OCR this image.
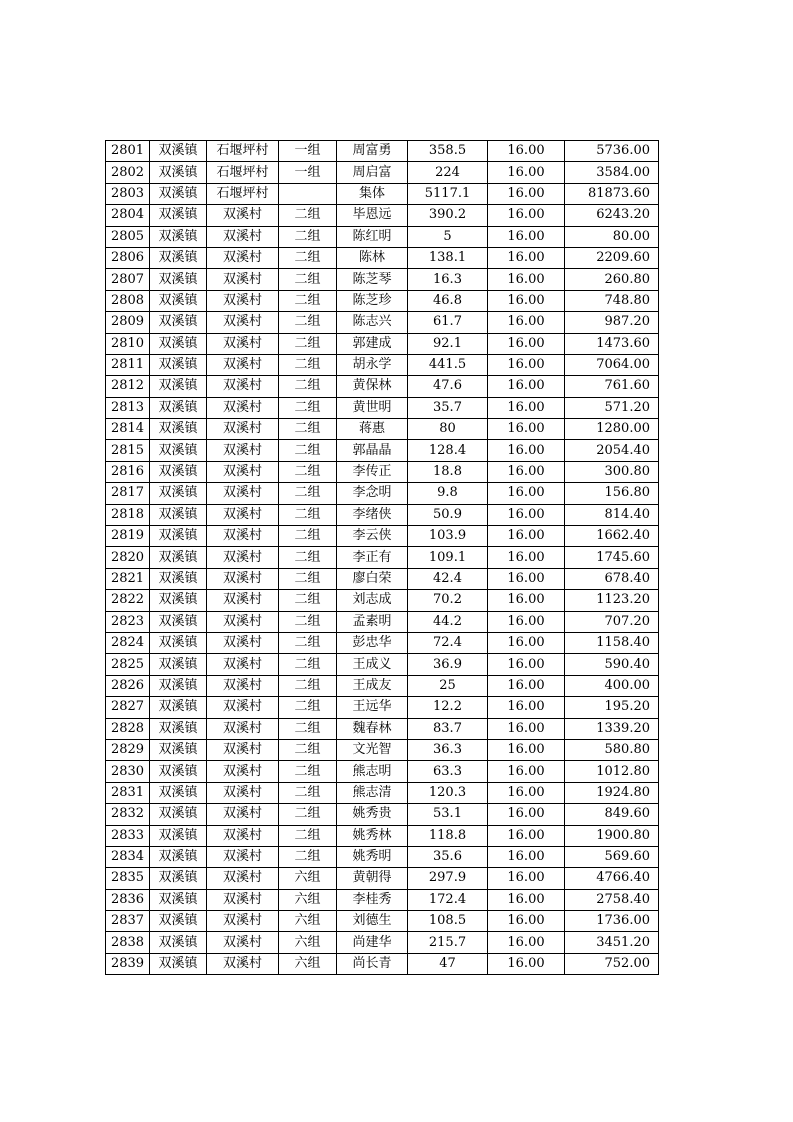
2801	双溪镇	石堰坪村	一组	周富勇	358.5	16.00	5736.00
2802	双溪镇	石堰坪村	一组	周启富	224	16.00	3584.00
2803	双溪镇	石堰坪村		集体	5117.1	16.00	81873.60
2804	双溪镇	双溪村	二组	毕恩远	390.2	16.00	6243.20
2805	双溪镇	双溪村	二组	陈红明	5	16.00	80.00
2806	双溪镇	双溪村	二组	陈林	138.1	16.00	2209.60
2807	双溪镇	双溪村	二组	陈芝琴	16.3	16.00	260.80
2808	双溪镇	双溪村	二组	陈芝珍	46.8	16.00	748.80
2809	双溪镇	双溪村	二组	陈志兴	61.7	16.00	987.20
2810	双溪镇	双溪村	二组	郭建成	92.1	16.00	1473.60
2811	双溪镇	双溪村	二组	胡永学	441.5	16.00	7064.00
2812	双溪镇	双溪村	二组	黄保林	47.6	16.00	761.60
2813	双溪镇	双溪村	二组	黄世明	35.7	16.00	571.20
2814	双溪镇	双溪村	二组	蒋惠	80	16.00	1280.00
2815	双溪镇	双溪村	二组	郭晶晶	128.4	16.00	2054.40
2816	双溪镇	双溪村	二组	李传正	18.8	16.00	300.80
2817	双溪镇	双溪村	二组	李念明	9.8	16.00	156.80
2818	双溪镇	双溪村	二组	李绪侠	50.9	16.00	814.40
2819	双溪镇	双溪村	二组	李云侠	103.9	16.00	1662.40
2820	双溪镇	双溪村	二组	李正有	109.1	16.00	1745.60
2821	双溪镇	双溪村	二组	廖白荣	42.4	16.00	678.40
2822	双溪镇	双溪村	二组	刘志成	70.2	16.00	1123.20
2823	双溪镇	双溪村	二组	孟素明	44.2	16.00	707.20
2824	双溪镇	双溪村	二组	彭忠华	72.4	16.00	1158.40
2825	双溪镇	双溪村	二组	王成义	36.9	16.00	590.40
2826	双溪镇	双溪村	二组	王成友	25	16.00	400.00
2827	双溪镇	双溪村	二组	王远华	12.2	16.00	195.20
2828	双溪镇	双溪村	二组	魏春林	83.7	16.00	1339.20
2829	双溪镇	双溪村	二组	文光智	36.3	16.00	580.80
2830	双溪镇	双溪村	二组	熊志明	63.3	16.00	1012.80
2831	双溪镇	双溪村	二组	熊志清	120.3	16.00	1924.80
2832	双溪镇	双溪村	二组	姚秀贵	53.1	16.00	849.60
2833	双溪镇	双溪村	二组	姚秀林	118.8	16.00	1900.80
2834	双溪镇	双溪村	二组	姚秀明	35.6	16.00	569.60
2835	双溪镇	双溪村	六组	黄朝得	297.9	16.00	4766.40
2836	双溪镇	双溪村	六组	李桂秀	172.4	16.00	2758.40
2837	双溪镇	双溪村	六组	刘德生	108.5	16.00	1736.00
2838	双溪镇	双溪村	六组	尚建华	215.7	16.00	3451.20
2839	双溪镇	双溪村	六组	尚长青	47	16.00	752.00
